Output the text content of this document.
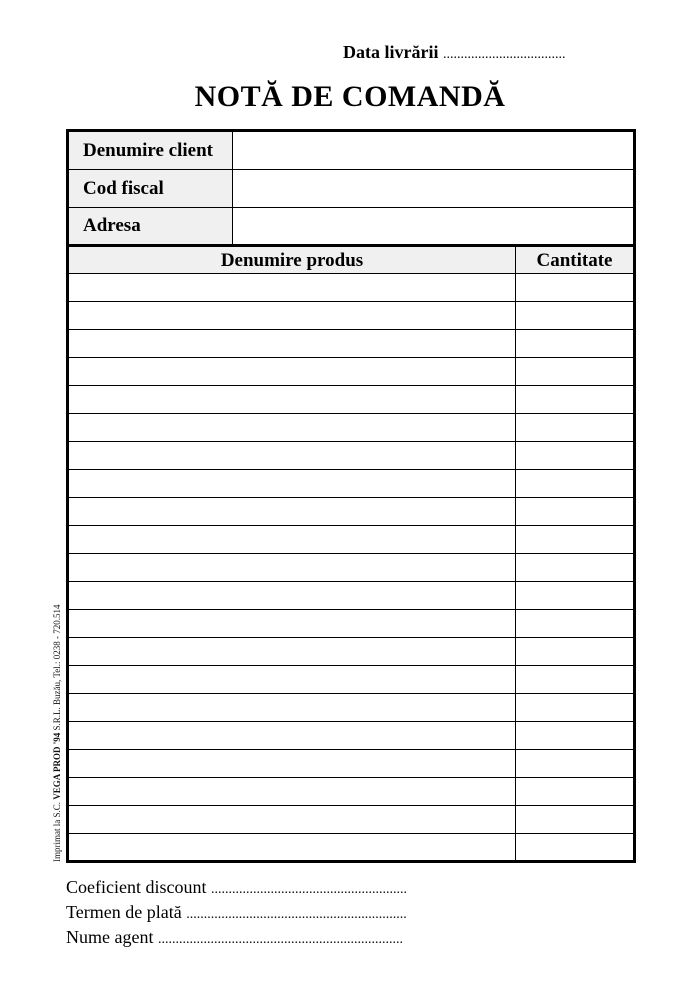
Data livrării ...................................
NOTĂ DE COMANDĂ
Denumire client
Cod fiscal
Adresa
Denumire produs	Cantitate
Imprimat la S.C. VEGA PROD '94 S.R.L. Buzău, Tel.: 0238 - 720.514
Coeficient discount ........................................................
Termen de plată ...............................................................
Nume agent ......................................................................
